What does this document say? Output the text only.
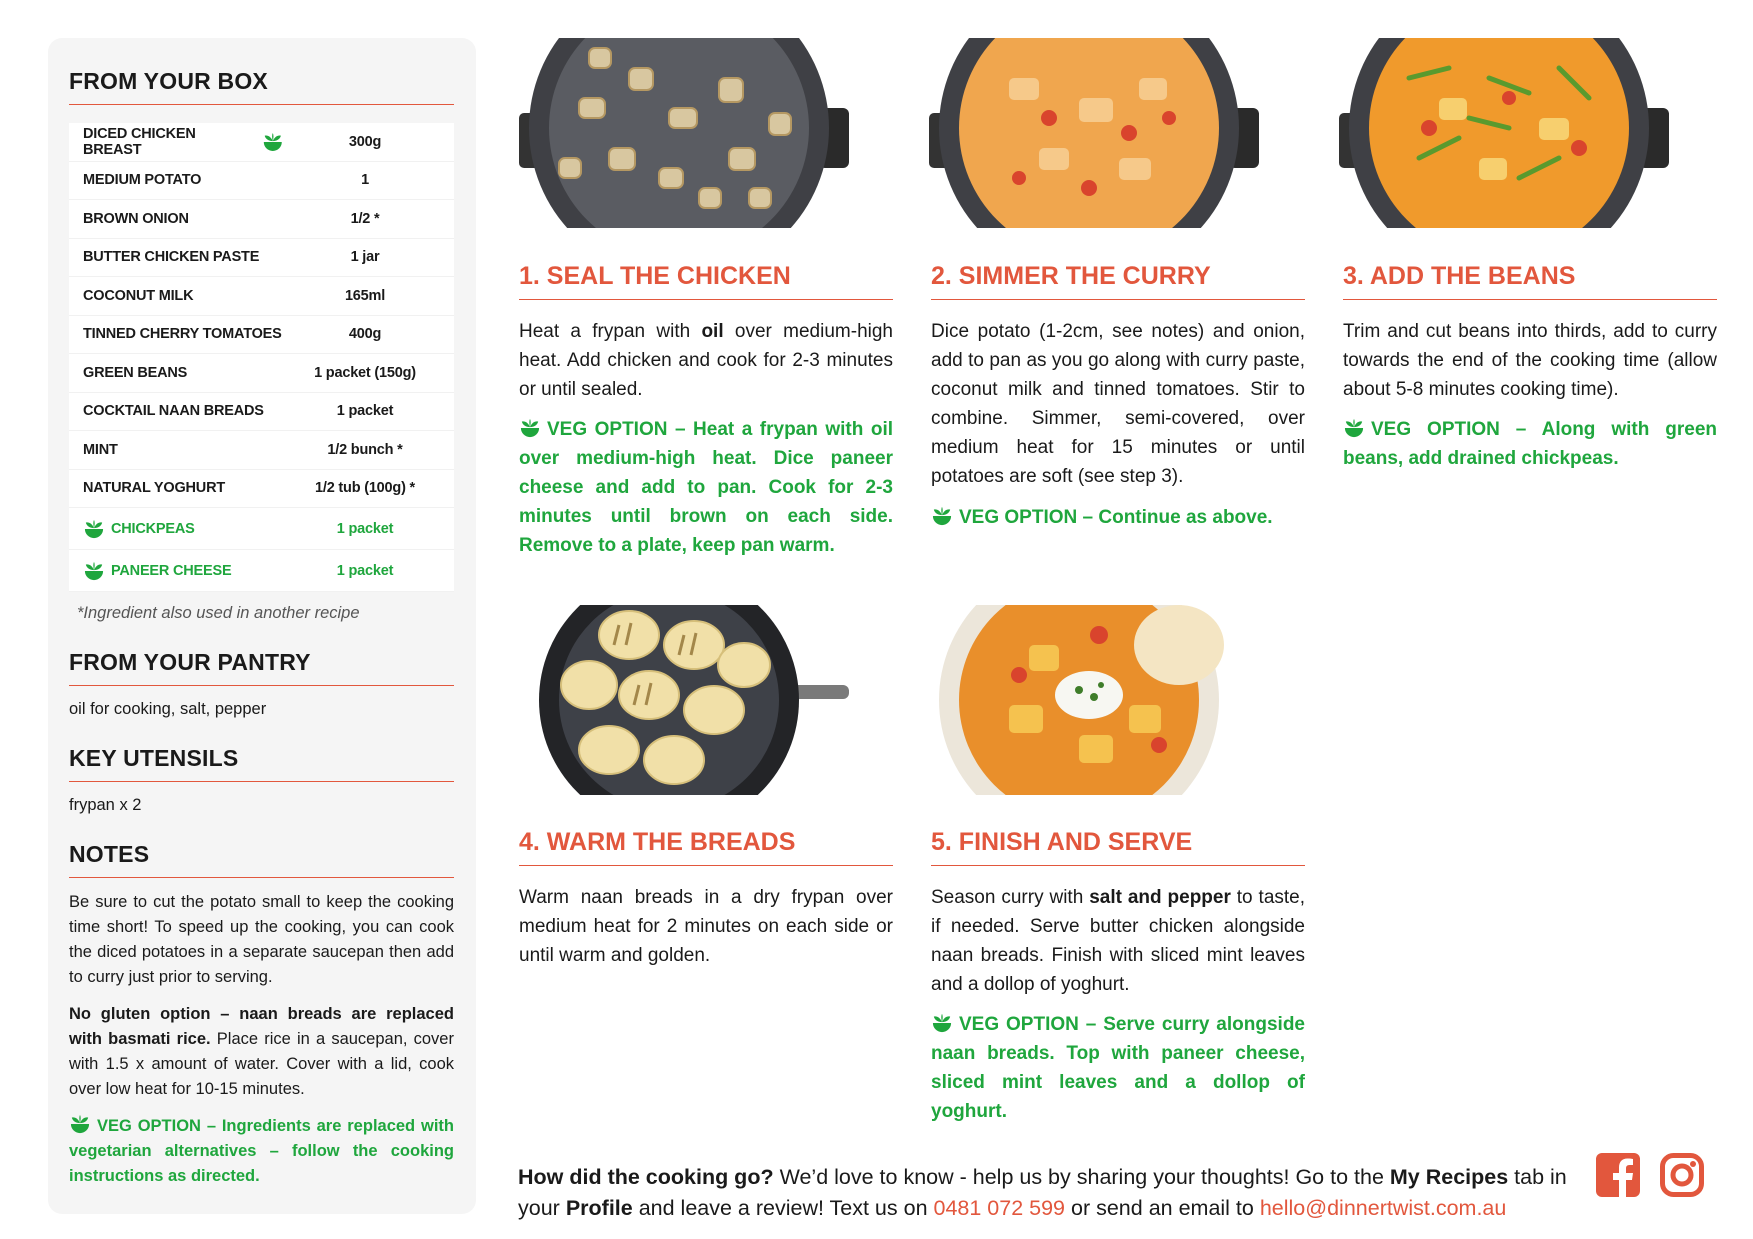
FROM YOUR BOX
DICED CHICKEN BREAST	300g
MEDIUM POTATO	1
BROWN ONION	1/2 *
BUTTER CHICKEN PASTE	1 jar
COCONUT MILK	165ml
TINNED CHERRY TOMATOES	400g
GREEN BEANS	1 packet (150g)
COCKTAIL NAAN BREADS	1 packet
MINT	1/2 bunch *
NATURAL YOGHURT	1/2 tub (100g) *
CHICKPEAS	1 packet
PANEER CHEESE	1 packet

*Ingredient also used in another recipe

FROM YOUR PANTRY

oil for cooking, salt, pepper

KEY UTENSILS

frypan x 2

NOTES

Be sure to cut the potato small to keep the cooking time short! To speed up the cooking, you can cook the diced potatoes in a separate saucepan then add to curry just prior to serving.

No gluten option – naan breads are replaced with basmati rice. Place rice in a saucepan, cover with 1.5 x amount of water. Cover with a lid, cook over low heat for 10-15 minutes.

VEG OPTION – Ingredients are replaced with vegetarian alternatives – follow the cooking instructions as directed.

1. SEAL THE CHICKEN

Heat a frypan with oil over medium-high heat. Add chicken and cook for 2-3 minutes or until sealed.

VEG OPTION – Heat a frypan with oil over medium-high heat. Dice paneer cheese and add to pan. Cook for 2-3 minutes until brown on each side. Remove to a plate, keep pan warm.

2. SIMMER THE CURRY

Dice potato (1-2cm, see notes) and onion, add to pan as you go along with curry paste, coconut milk and tinned tomatoes. Stir to combine. Simmer, semi-covered, over medium heat for 15 minutes or until potatoes are soft (see step 3).

VEG OPTION – Continue as above.

3. ADD THE BEANS

Trim and cut beans into thirds, add to curry towards the end of the cooking time (allow about 5-8 minutes cooking time).

VEG OPTION – Along with green beans, add drained chickpeas.

4. WARM THE BREADS

Warm naan breads in a dry frypan over medium heat for 2 minutes on each side or until warm and golden.

5. FINISH AND SERVE

Season curry with salt and pepper to taste, if needed. Serve butter chicken alongside naan breads. Finish with sliced mint leaves and a dollop of yoghurt.

VEG OPTION – Serve curry alongside naan breads. Top with paneer cheese, sliced mint leaves and a dollop of yoghurt.

How did the cooking go? We’d love to know - help us by sharing your thoughts! Go to the My Recipes tab in your Profile and leave a review! Text us on 0481 072 599 or send an email to hello@dinnertwist.com.au
